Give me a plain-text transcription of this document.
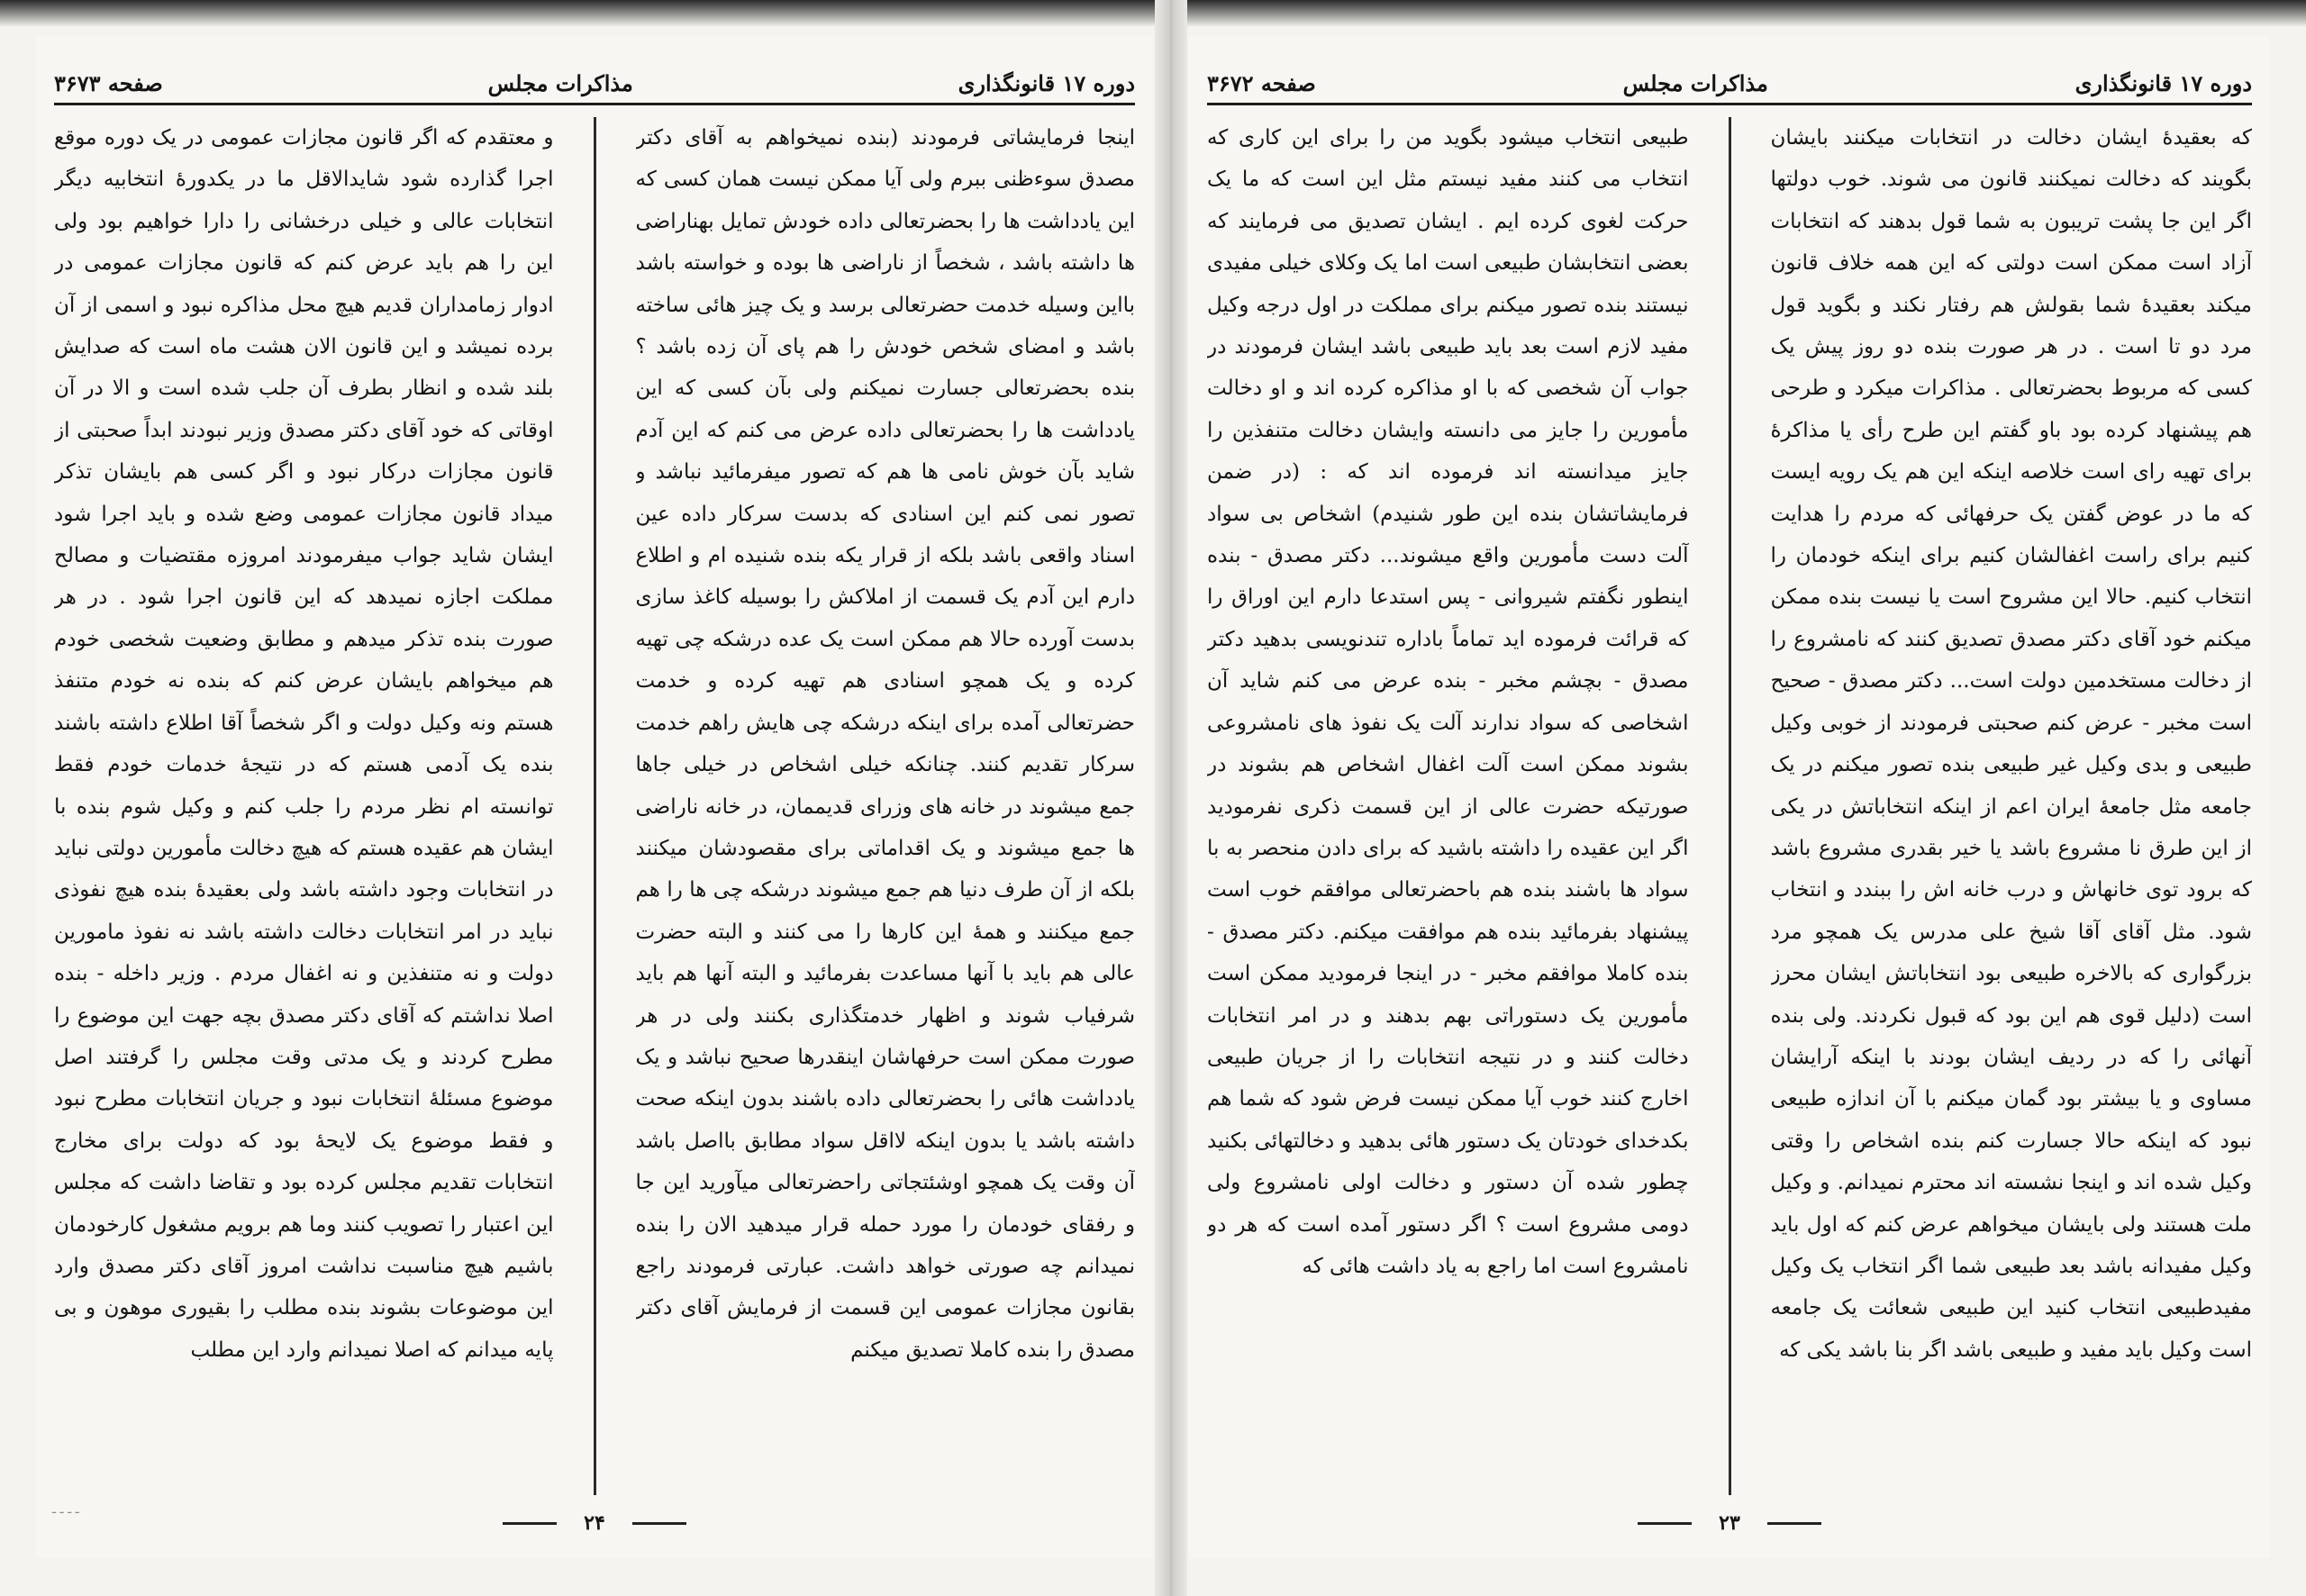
دوره ۱۷ قانونگذاری
مذاکرات مجلس
صفحه ۳۶۷۳

اینجا فرمایشاتی فرمودند (بنده نمیخواهم به آقای دکتر مصدق سوءظنی ببرم ولی آیا ممکن نیست همان کسی که این یادداشت ها را بحضرتعالی داده خودش تمایل بهناراضی ها داشته باشد ، شخصاً از ناراضی ها بوده و خواسته باشد بااین وسیله خدمت حضرتعالی برسد و یک چیز هائی ساخته باشد و امضای شخص خودش را هم پای آن زده باشد ؟ بنده بحضرتعالی جسارت نمیکنم ولی بآن کسی که این یادداشت ها را بحضرتعالی داده عرض می کنم که این آدم شاید بآن خوش نامی ها هم که تصور میفرمائید نباشد و تصور نمی کنم این اسنادی که بدست سرکار داده عین اسناد واقعی باشد بلکه از قرار یکه بنده شنیده ام و اطلاع دارم این آدم یک قسمت از املاکش را بوسیله کاغذ سازی بدست آورده حالا هم ممکن است یک عده درشکه چی تهیه کرده و یک همچو اسنادی هم تهیه کرده و خدمت حضرتعالی آمده برای اینکه درشکه چی هایش راهم خدمت سرکار تقدیم کنند. چنانکه خیلی اشخاص در خیلی جاها جمع میشوند در خانه های وزرای قدیممان، در خانه ناراضی ها جمع میشوند و یک اقداماتی برای مقصودشان میکنند بلکه از آن طرف دنیا هم جمع میشوند درشکه چی ها را هم جمع میکنند و همهٔ این کارها را می کنند و البته حضرت عالی هم باید با آنها مساعدت بفرمائید و البته آنها هم باید شرفیاب شوند و اظهار خدمتگذاری بکنند ولی در هر صورت ممکن است حرفهاشان اینقدرها صحیح نباشد و یک یادداشت هائی را بحضرتعالی داده باشند بدون اینکه صحت داشته باشد یا بدون اینکه لااقل سواد مطابق بااصل باشد آن وقت یک همچو اوشئتجاتی راحضرتعالی میآورید این جا و رفقای خودمان را مورد حمله قرار میدهید الان را بنده نمیدانم چه صورتی خواهد داشت. عبارتی فرمودند راجع بقانون مجازات عمومی این قسمت از فرمایش آقای دکتر مصدق را بنده کاملا تصدیق میکنم

و معتقدم که اگر قانون مجازات عمومی در یک دوره موقع اجرا گذارده شود شایدالاقل ما در یکدورهٔ انتخابیه دیگر انتخابات عالی و خیلی درخشانی را دارا خواهیم بود ولی این را هم باید عرض کنم که قانون مجازات عمومی در ادوار زمامداران قدیم هیچ محل مذاکره نبود و اسمی از آن برده نمیشد و این قانون الان هشت ماه است که صدایش بلند شده و انظار بطرف آن جلب شده است و الا در آن اوقاتی که خود آقای دکتر مصدق وزیر نبودند ابداً صحبتی از قانون مجازات درکار نبود و اگر کسی هم بایشان تذکر میداد قانون مجازات عمومی وضع شده و باید اجرا شود ایشان شاید جواب میفرمودند امروزه مقتضیات و مصالح مملکت اجازه نمیدهد که این قانون اجرا شود . در هر صورت بنده تذکر میدهم و مطابق وضعیت شخصی خودم هم میخواهم بایشان عرض کنم که بنده نه خودم متنفذ هستم ونه وکیل دولت و اگر شخصاً آقا اطلاع داشته باشند بنده یک آدمی هستم که در نتیجهٔ خدمات خودم فقط توانسته ام نظر مردم را جلب کنم و وکیل شوم بنده با ایشان هم عقیده هستم که هیچ دخالت مأمورین دولتی نباید در انتخابات وجود داشته باشد ولی بعقیدهٔ بنده هیچ نفوذی نباید در امر انتخابات دخالت داشته باشد نه نفوذ مامورین دولت و نه متنفذین و نه اغفال مردم . وزیر داخله - بنده اصلا نداشتم که آقای دکتر مصدق بچه جهت این موضوع را مطرح کردند و یک مدتی وقت مجلس را گرفتند اصل موضوع مسئلهٔ انتخابات نبود و جریان انتخابات مطرح نبود و فقط موضوع یک لایحهٔ بود که دولت برای مخارج انتخابات تقدیم مجلس کرده بود و تقاضا داشت که مجلس این اعتبار را تصویب کنند وما هم برویم مشغول کارخودمان باشیم هیچ مناسبت نداشت امروز آقای دکتر مصدق وارد این موضوعات بشوند بنده مطلب را بقیوری موهون و بی پایه میدانم که اصلا نمیدانم وارد این مطلب

ـ ـ ـ ـ
۲۴
دوره ۱۷ قانونگذاری
مذاکرات مجلس
صفحه ۳۶۷۲

که بعقیدهٔ ایشان دخالت در انتخابات میکنند بایشان بگویند که دخالت نمیکنند قانون می شوند. خوب دولتها اگر این جا پشت تریبون به شما قول بدهند که انتخابات آزاد است ممکن است دولتی که این همه خلاف قانون میکند بعقیدهٔ شما بقولش هم رفتار نکند و بگوید قول مرد دو تا است . در هر صورت بنده دو روز پیش یک کسی که مربوط بحضرتعالی . مذاکرات میکرد و طرحی هم پیشنهاد کرده بود باو گفتم این طرح رأی یا مذاکرهٔ برای تهیه رای است خلاصه اینکه این هم یک رویه ایست که ما در عوض گفتن یک حرفهائی که مردم را هدایت کنیم برای راست اغفالشان کنیم برای اینکه خودمان را انتخاب کنیم. حالا این مشروح است یا نیست بنده ممکن میکنم خود آقای دکتر مصدق تصدیق کنند که نامشروع را از دخالت مستخدمین دولت است... دکتر مصدق - صحیح است مخبر - عرض کنم صحبتی فرمودند از خوبی وکیل طبیعی و بدی وکیل غیر طبیعی بنده تصور میکنم در یک جامعه مثل جامعهٔ ایران اعم از اینکه انتخاباتش در یکی از این طرق نا مشروع باشد یا خیر بقدری مشروع باشد که برود توی خانهاش و درب خانه اش را ببندد و انتخاب شود. مثل آقای آقا شیخ علی مدرس یک همچو مرد بزرگواری که بالاخره طبیعی بود انتخاباتش ایشان محرز است (دلیل قوی هم این بود که قبول نکردند. ولی بنده آنهائی را که در ردیف ایشان بودند با اینکه آرایشان مساوی و یا بیشتر بود گمان میکنم با آن اندازه طبیعی نبود که اینکه حالا جسارت کنم بنده اشخاص را وقتی وکیل شده اند و اینجا نشسته اند محترم نمیدانم. و وکیل ملت هستند ولی بایشان میخواهم عرض کنم که اول باید وکیل مفیدانه باشد بعد طبیعی شما اگر انتخاب یک وکیل مفیدطبیعی انتخاب کنید این طبیعی شعائت یک جامعه است وکیل باید مفید و طبیعی باشد اگر بنا باشد یکی که

طبیعی انتخاب میشود بگوید من را برای این کاری که انتخاب می کنند مفید نیستم مثل این است که ما یک حرکت لغوی کرده ایم . ایشان تصدیق می فرمایند که بعضی انتخابشان طبیعی است اما یک وکلای خیلی مفیدی نیستند بنده تصور میکنم برای مملکت در اول درجه وکیل مفید لازم است بعد باید طبیعی باشد ایشان فرمودند در جواب آن شخصی که با او مذاکره کرده اند و او دخالت مأمورین را جایز می دانسته وایشان دخالت متنفذین را جایز میدانسته اند فرموده اند که : (در ضمن فرمایشاتشان بنده این طور شنیدم) اشخاص بی سواد آلت دست مأمورین واقع میشوند... دکتر مصدق - بنده اینطور نگفتم شیروانی - پس استدعا دارم این اوراق را که قرائت فرموده اید تماماً باداره تندنویسی بدهید دکتر مصدق - بچشم مخبر - بنده عرض می کنم شاید آن اشخاصی که سواد ندارند آلت یک نفوذ های نامشروعی بشوند ممکن است آلت اغفال اشخاص هم بشوند در صورتیکه حضرت عالی از این قسمت ذکری نفرمودید اگر این عقیده را داشته باشید که برای دادن منحصر به با سواد ها باشند بنده هم باحضرتعالی موافقم خوب است پیشنهاد بفرمائید بنده هم موافقت میکنم. دکتر مصدق - بنده کاملا موافقم مخبر - در اینجا فرمودید ممکن است مأمورین یک دستوراتی بهم بدهند و در امر انتخابات دخالت کنند و در نتیجه انتخابات را از جریان طبیعی اخارج کنند خوب آیا ممکن نیست فرض شود که شما هم بکدخدای خودتان یک دستور هائی بدهید و دخالتهائی بکنید چطور شده آن دستور و دخالت اولی نامشروع ولی دومی مشروع است ؟ اگر دستور آمده است که هر دو نامشروع است اما راجع به یاد داشت هائی که

۲۳
